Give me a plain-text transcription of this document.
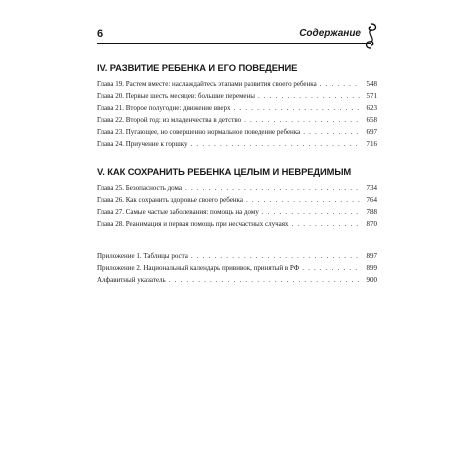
6	Содержание
IV. РАЗВИТИЕ РЕБЕНКА И ЕГО ПОВЕДЕНИЕ
Глава 19. Растем вместе: наслаждайтесь этапами развития своего ребенка . . .	548
Глава 20. Первые шесть месяцев: большие перемены . . .	571
Глава 21. Второе полугодие: движение вверх . . .	623
Глава 22. Второй год: из младенчества в детство . . .	658
Глава 23. Пугающее, но совершенно нормальное поведение ребенка . . .	697
Глава 24. Приучение к горшку . . .	716
V. КАК СОХРАНИТЬ РЕБЕНКА ЦЕЛЫМ И НЕВРЕДИМЫМ
Глава 25. Безопасность дома . . .	734
Глава 26. Как сохранить здоровье своего ребенка . . .	764
Глава 27. Самые частые заболевания: помощь на дому . . .	788
Глава 28. Реанимация и первая помощь при несчастных случаях . . .	870
Приложение 1. Таблицы роста . . .	897
Приложение 2. Национальный календарь прививок, принятый в РФ . . .	899
Алфавитный указатель . . .	900
